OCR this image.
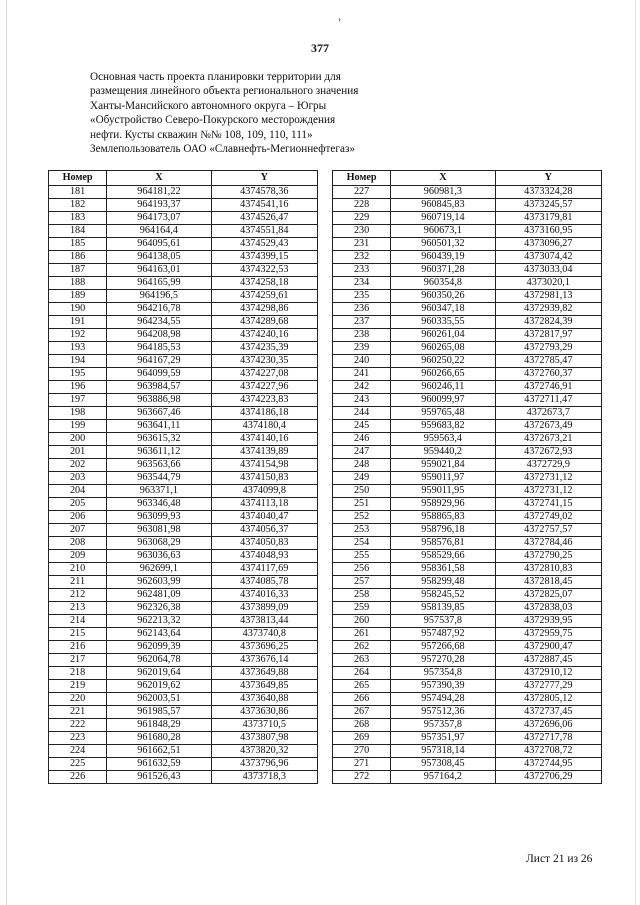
›
377
Основная часть проекта планировки территории для
размещения линейного объекта регионального значения
Ханты-Мансийского автономного округа – Югры
«Обустройство Северо-Покурского месторождения
нефти. Кусты скважин №№ 108, 109, 110, 111»
Землепользователь ОАО «Славнефть-Мегионнефтегаз»
Номер	X	Y
181	964181,22	4374578,36
182	964193,37	4374541,16
183	964173,07	4374526,47
184	964164,4	4374551,84
185	964095,61	4374529,43
186	964138,05	4374399,15
187	964163,01	4374322,53
188	964165,99	4374258,18
189	964196,5	4374259,61
190	964216,78	4374298,86
191	964234,55	4374289,68
192	964208,98	4374240,16
193	964185,53	4374235,39
194	964167,29	4374230,35
195	964099,59	4374227,08
196	963984,57	4374227,96
197	963886,98	4374223,83
198	963667,46	4374186,18
199	963641,11	4374180,4
200	963615,32	4374140,16
201	963611,12	4374139,89
202	963563,66	4374154,98
203	963544,79	4374150,83
204	963371,1	4374099,8
205	963346,48	4374113,18
206	963099,93	4374040,47
207	963081,98	4374056,37
208	963068,29	4374050,83
209	963036,63	4374048,93
210	962699,1	4374117,69
211	962603,99	4374085,78
212	962481,09	4374016,33
213	962326,38	4373899,09
214	962213,32	4373813,44
215	962143,64	4373740,8
216	962099,39	4373696,25
217	962064,78	4373676,14
218	962019,64	4373649,88
219	962019,62	4373649,85
220	962003,51	4373640,88
221	961985,57	4373630,86
222	961848,29	4373710,5
223	961680,28	4373807,98
224	961662,51	4373820,32
225	961632,59	4373796,96
226	961526,43	4373718,3
Номер	X	Y
227	960981,3	4373324,28
228	960845,83	4373245,57
229	960719,14	4373179,81
230	960673,1	4373160,95
231	960501,32	4373096,27
232	960439,19	4373074,42
233	960371,28	4373033,04
234	960354,8	4373020,1
235	960350,26	4372981,13
236	960347,18	4372939,82
237	960335,55	4372824,39
238	960261,04	4372817,97
239	960265,08	4372793,29
240	960250,22	4372785,47
241	960266,65	4372760,37
242	960246,11	4372746,91
243	960099,97	4372711,47
244	959765,48	4372673,7
245	959683,82	4372673,49
246	959563,4	4372673,21
247	959440,2	4372672,93
248	959021,84	4372729,9
249	959011,97	4372731,12
250	959011,95	4372731,12
251	958929,96	4372741,15
252	958865,83	4372749,02
253	958796,18	4372757,57
254	958576,81	4372784,46
255	958529,66	4372790,25
256	958361,58	4372810,83
257	958299,48	4372818,45
258	958245,52	4372825,07
259	958139,85	4372838,03
260	957537,8	4372939,95
261	957487,92	4372959,75
262	957266,68	4372900,47
263	957270,28	4372887,45
264	957354,8	4372910,12
265	957390,39	4372777,29
266	957494,28	4372805,12
267	957512,36	4372737,45
268	957357,8	4372696,06
269	957351,97	4372717,78
270	957318,14	4372708,72
271	957308,45	4372744,95
272	957164,2	4372706,29
Лист 21 из 26
